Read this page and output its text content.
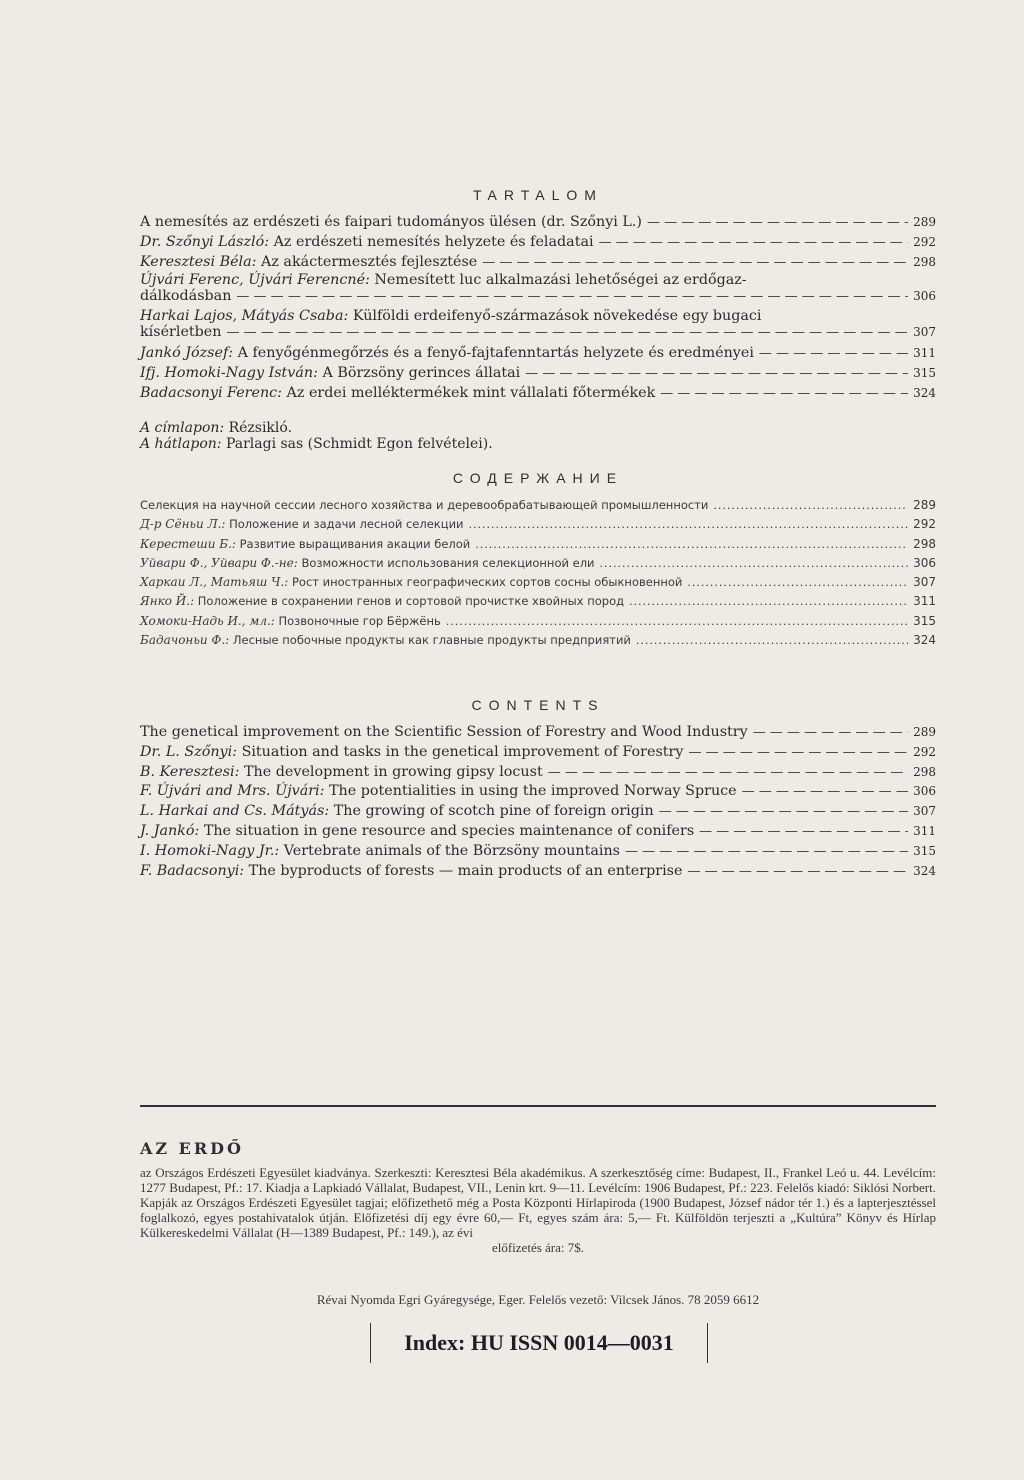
TARTALOM
A nemesítés az erdészeti és faipari tudományos ülésen (dr. Szőnyi L.) — — —	289
Dr. Szőnyi László: Az erdészeti nemesítés helyzete és feladatai — — —	292
Keresztesi Béla: Az akáctermesztés fejlesztése — — —	298
Újvári Ferenc, Újvári Ferencné: Nemesített luc alkalmazási lehetőségei az erdőgaz-
dálkodásban — — —	306
Harkai Lajos, Mátyás Csaba: Külföldi erdeifenyő-származások növekedése egy bugaci
kísérletben — — —	307
Jankó József: A fenyőgénmegőrzés és a fenyő-fajtafenntartás helyzete és eredményei — — —	311
Ifj. Homoki-Nagy István: A Börzsöny gerinces állatai — — —	315
Badacsonyi Ferenc: Az erdei melléktermékek mint vállalati főtermékek — — —	324
A címlapon: Rézsikló.
A hátlapon: Parlagi sas (Schmidt Egon felvételei).
СОДЕРЖАНИЕ
Селекция на научной сессии лесного хозяйства и деревообрабатывающей промышленности .....	289
Д-р Сёньи Л.: Положение и задачи лесной селекции .....	292
Кересmеши Б.: Развитие выращивания акации белой .....	298
Уйвари Ф., Уйвари Ф.-не: Возможности использования селекционной ели .....	306
Харкаи Л., Матьяш Ч.: Рост иностранных географических сортов сосны обыкновенной .....	307
Янко Й.: Положение в сохранении генов и сортовой прочистке хвойных пород .....	311
Хомоки-Надь И., мл.: Позвоночные гор Бёржёнь .....	315
Бадачоньи Ф.: Лесные побочные продукты как главные продукты предприятий .....	324
CONTENTS
The genetical improvement on the Scientific Session of Forestry and Wood Industry — — —	289
Dr. L. Szőnyi: Situation and tasks in the genetical improvement of Forestry — — —	292
B. Keresztesi: The development in growing gipsy locust — — —	298
F. Újvári and Mrs. Újvári: The potentialities in using the improved Norway Spruce — — —	306
L. Harkai and Cs. Mátyás: The growing of scotch pine of foreign origin — — —	307
J. Jankó: The situation in gene resource and species maintenance of conifers — — —	311
I. Homoki-Nagy Jr.: Vertebrate animals of the Börzsöny mountains — — —	315
F. Badacsonyi: The byproducts of forests — main products of an enterprise — — —	324
AZ ERDŐ
az Országos Erdészeti Egyesület kiadványa. Szerkeszti: Keresztesi Béla akadémikus. A szerkesztőség címe: Budapest, II., Frankel Leó u. 44. Levélcím: 1277 Budapest, Pf.: 17. Kiadja a Lapkiadó Vállalat, Budapest, VII., Lenin krt. 9—11. Levélcím: 1906 Budapest, Pf.: 223. Felelős kiadó: Siklósi Norbert. Kapják az Országos Erdészeti Egyesület tagjai; előfizethető még a Posta Központi Hírlapiroda (1900 Budapest, József nádor tér 1.) és a lapterjesztéssel foglalkozó, egyes postahivatalok útján. Előfizetési díj egy évre 60,— Ft, egyes szám ára: 5,— Ft. Külföldön terjeszti a „Kultúra” Könyv és Hírlap Külkereskedelmi Vállalat (H—1389 Budapest, Pf.: 149.), az évi
előfizetés ára: 7$.
Révai Nyomda Egri Gyáregysége, Eger. Felelős vezető: Vilcsek János. 78 2059 6612
Index: HU ISSN 0014—0031
